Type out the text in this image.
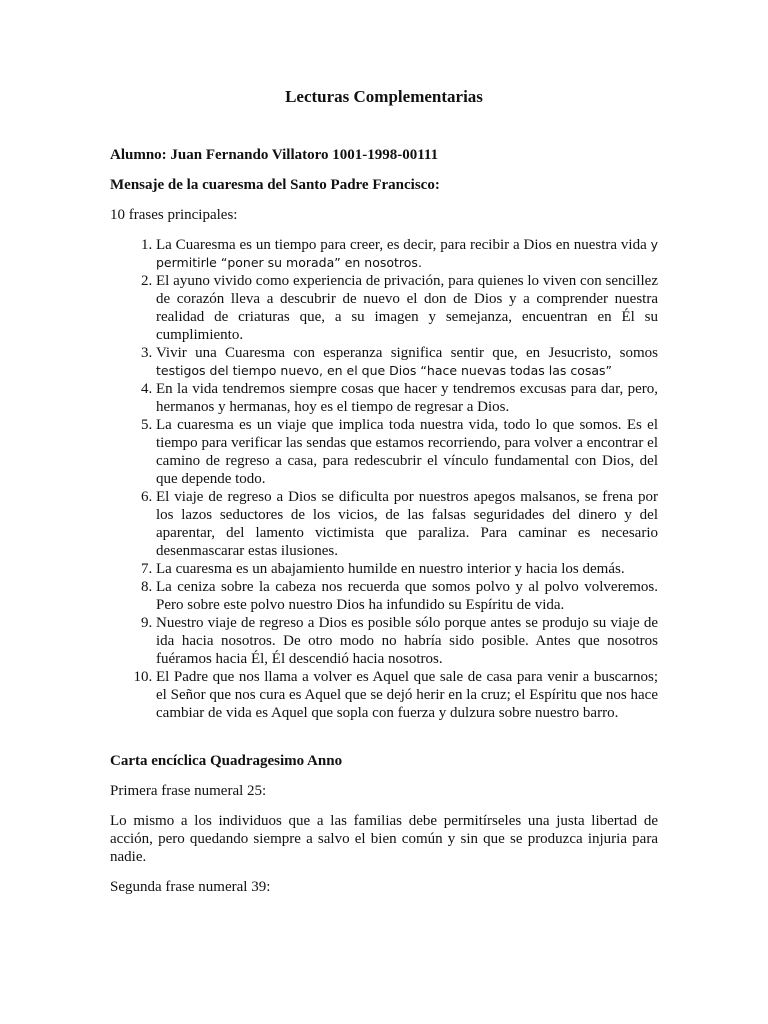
Lecturas Complementarias
Alumno: Juan Fernando Villatoro 1001-1998-00111
Mensaje de la cuaresma del Santo Padre Francisco:
10 frases principales:
1. La Cuaresma es un tiempo para creer, es decir, para recibir a Dios en nuestra vida y permitirle “poner su morada” en nosotros.
2. El ayuno vivido como experiencia de privación, para quienes lo viven con sencillez de corazón lleva a descubrir de nuevo el don de Dios y a comprender nuestra realidad de criaturas que, a su imagen y semejanza, encuentran en Él su cumplimiento.
3. Vivir una Cuaresma con esperanza significa sentir que, en Jesucristo, somos testigos del tiempo nuevo, en el que Dios “hace nuevas todas las cosas”
4. En la vida tendremos siempre cosas que hacer y tendremos excusas para dar, pero, hermanos y hermanas, hoy es el tiempo de regresar a Dios.
5. La cuaresma es un viaje que implica toda nuestra vida, todo lo que somos. Es el tiempo para verificar las sendas que estamos recorriendo, para volver a encontrar el camino de regreso a casa, para redescubrir el vínculo fundamental con Dios, del que depende todo.
6. El viaje de regreso a Dios se dificulta por nuestros apegos malsanos, se frena por los lazos seductores de los vicios, de las falsas seguridades del dinero y del aparentar, del lamento victimista que paraliza. Para caminar es necesario desenmascarar estas ilusiones.
7. La cuaresma es un abajamiento humilde en nuestro interior y hacia los demás.
8. La ceniza sobre la cabeza nos recuerda que somos polvo y al polvo volveremos. Pero sobre este polvo nuestro Dios ha infundido su Espíritu de vida.
9. Nuestro viaje de regreso a Dios es posible sólo porque antes se produjo su viaje de ida hacia nosotros. De otro modo no habría sido posible. Antes que nosotros fuéramos hacia Él, Él descendió hacia nosotros.
10. El Padre que nos llama a volver es Aquel que sale de casa para venir a buscarnos; el Señor que nos cura es Aquel que se dejó herir en la cruz; el Espíritu que nos hace cambiar de vida es Aquel que sopla con fuerza y dulzura sobre nuestro barro.
Carta encíclica Quadragesimo Anno
Primera frase numeral 25:
Lo mismo a los individuos que a las familias debe permitírseles una justa libertad de acción, pero quedando siempre a salvo el bien común y sin que se produzca injuria para nadie.
Segunda frase numeral 39:
